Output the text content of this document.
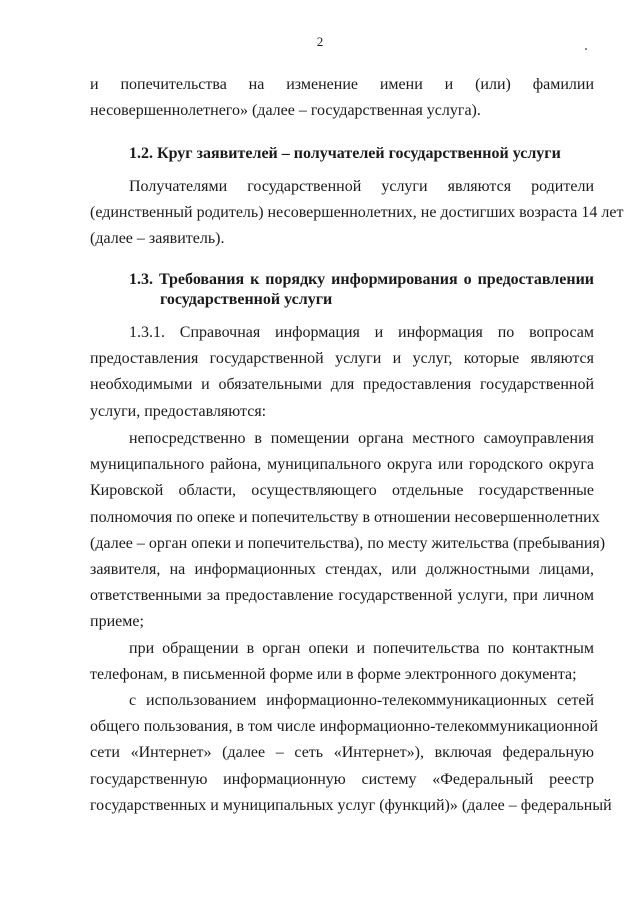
2
и попечительства на изменение имени и (или) фамилии
несовершеннолетнего» (далее – государственная услуга).
1.2. Круг заявителей – получателей государственной услуги
Получателями государственной услуги являются родители
(единственный родитель) несовершеннолетних, не достигших возраста 14 лет
(далее – заявитель).
1.3. Требования к порядку информирования о предоставлении
государственной услуги
1.3.1. Справочная информация и информация по вопросам
предоставления государственной услуги и услуг, которые являются
необходимыми и обязательными для предоставления государственной
услуги, предоставляются:
непосредственно в помещении органа местного самоуправления
муниципального района, муниципального округа или городского округа
Кировской области, осуществляющего отдельные государственные
полномочия по опеке и попечительству в отношении несовершеннолетних
(далее – орган опеки и попечительства), по месту жительства (пребывания)
заявителя, на информационных стендах, или должностными лицами,
ответственными за предоставление государственной услуги, при личном
приеме;
при обращении в орган опеки и попечительства по контактным
телефонам, в письменной форме или в форме электронного документа;
с использованием информационно-телекоммуникационных сетей
общего пользования, в том числе информационно-телекоммуникационной
сети «Интернет» (далее – сеть «Интернет»), включая федеральную
государственную информационную систему «Федеральный реестр
государственных и муниципальных услуг (функций)» (далее – федеральный
